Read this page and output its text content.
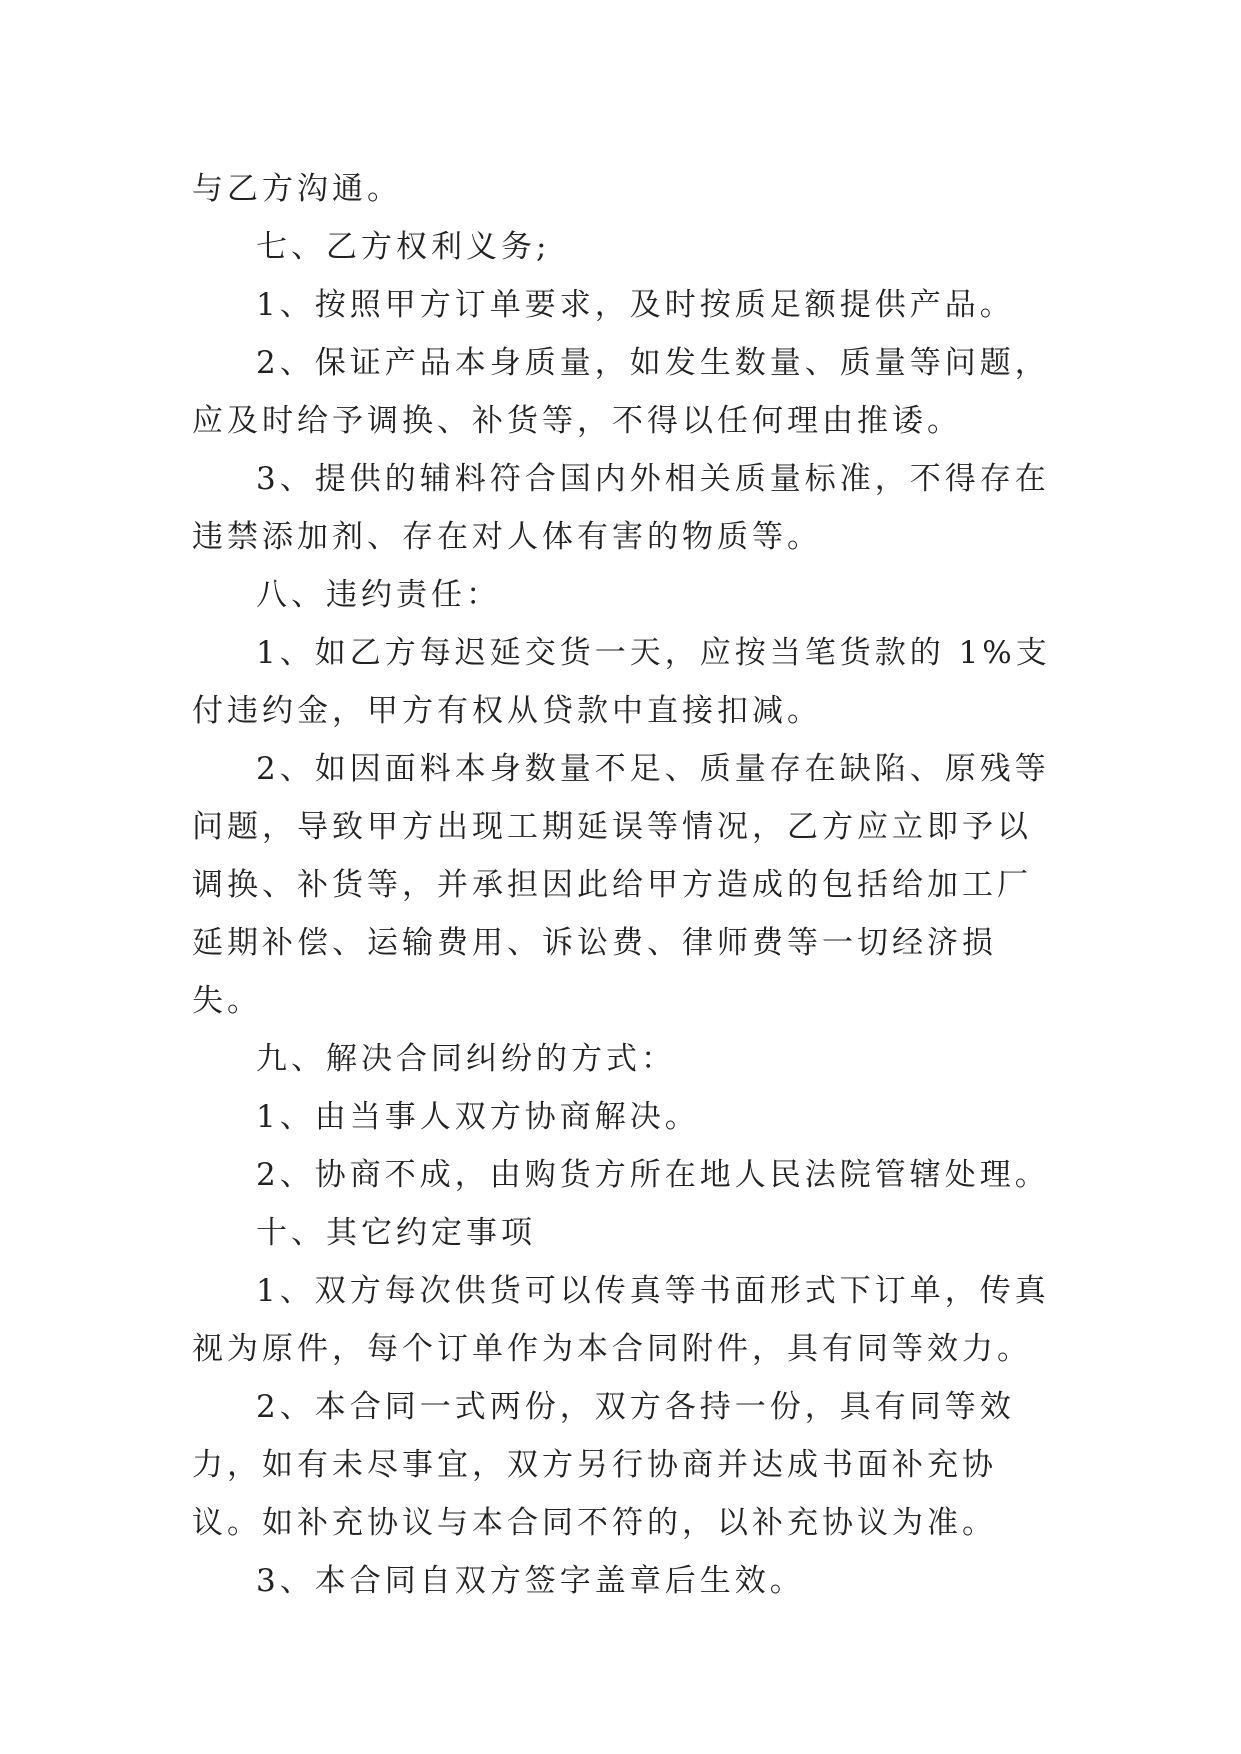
与乙方沟通。

七、乙方权利义务;

1、按照甲方订单要求，及时按质足额提供产品。

2、保证产品本身质量，如发生数量、质量等问题，应及时给予调换、补货等，不得以任何理由推诿。

3、提供的辅料符合国内外相关质量标准，不得存在违禁添加剂、存在对人体有害的物质等。

八、违约责任：

1、如乙方每迟延交货一天，应按当笔货款的 1%支付违约金，甲方有权从贷款中直接扣减。

2、如因面料本身数量不足、质量存在缺陷、原残等问题，导致甲方出现工期延误等情况，乙方应立即予以调换、补货等，并承担因此给甲方造成的包括给加工厂延期补偿、运输费用、诉讼费、律师费等一切经济损失。

九、解决合同纠纷的方式：

1、由当事人双方协商解决。

2、协商不成，由购货方所在地人民法院管辖处理。

十、其它约定事项

1、双方每次供货可以传真等书面形式下订单，传真视为原件，每个订单作为本合同附件，具有同等效力。

2、本合同一式两份，双方各持一份，具有同等效力，如有未尽事宜，双方另行协商并达成书面补充协议。如补充协议与本合同不符的，以补充协议为准。

3、本合同自双方签字盖章后生效。
